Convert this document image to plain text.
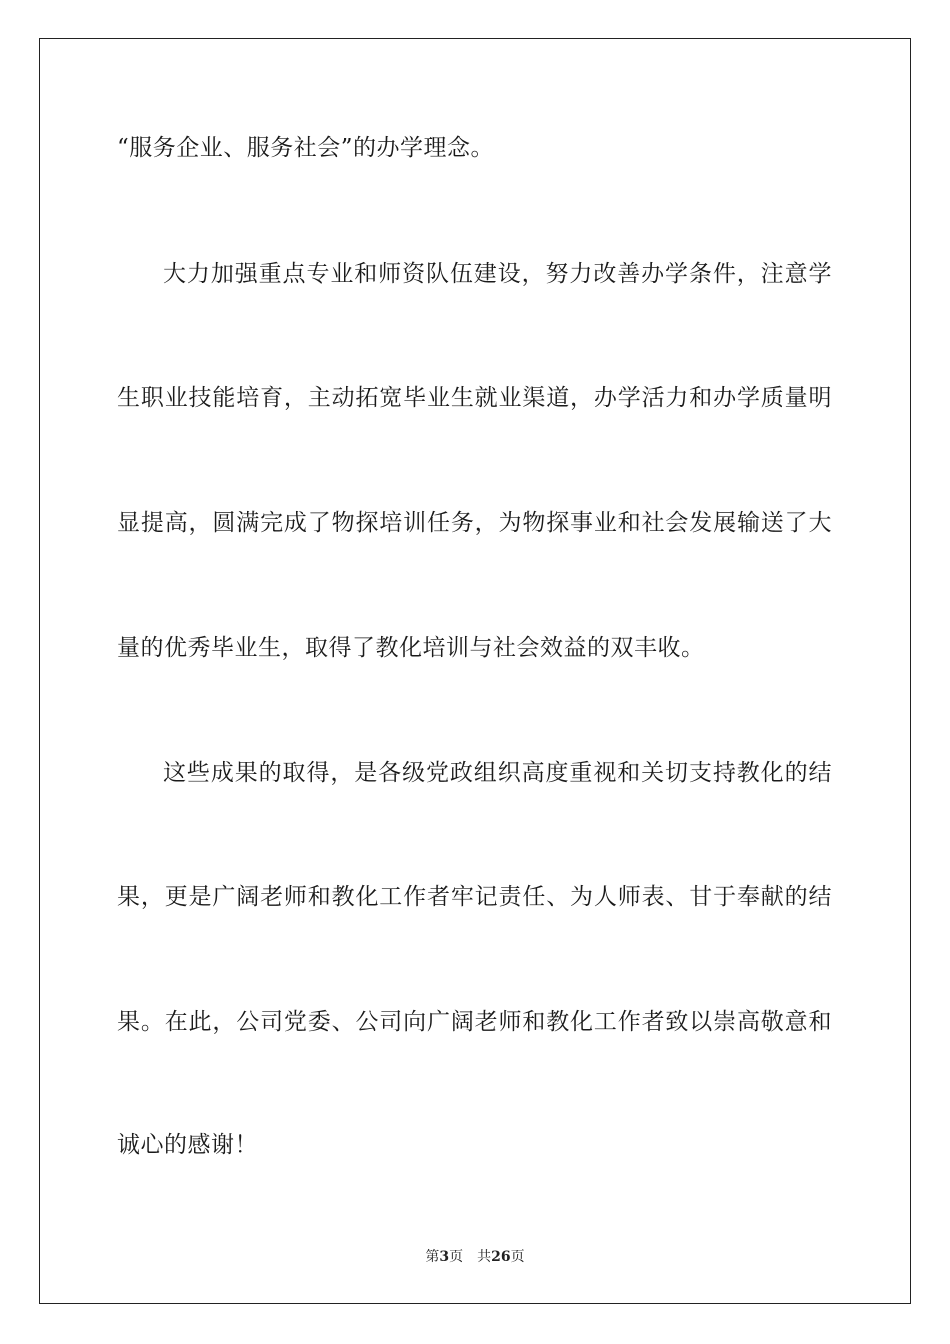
“服务企业、服务社会”的办学理念。
大力加强重点专业和师资队伍建设，努力改善办学条件，注意学
生职业技能培育，主动拓宽毕业生就业渠道，办学活力和办学质量明
显提高，圆满完成了物探培训任务，为物探事业和社会发展输送了大
量的优秀毕业生，取得了教化培训与社会效益的双丰收。
这些成果的取得，是各级党政组织高度重视和关切支持教化的结
果，更是广阔老师和教化工作者牢记责任、为人师表、甘于奉献的结
果。在此，公司党委、公司向广阔老师和教化工作者致以崇高敬意和
诚心的感谢！
第3页 共26页
